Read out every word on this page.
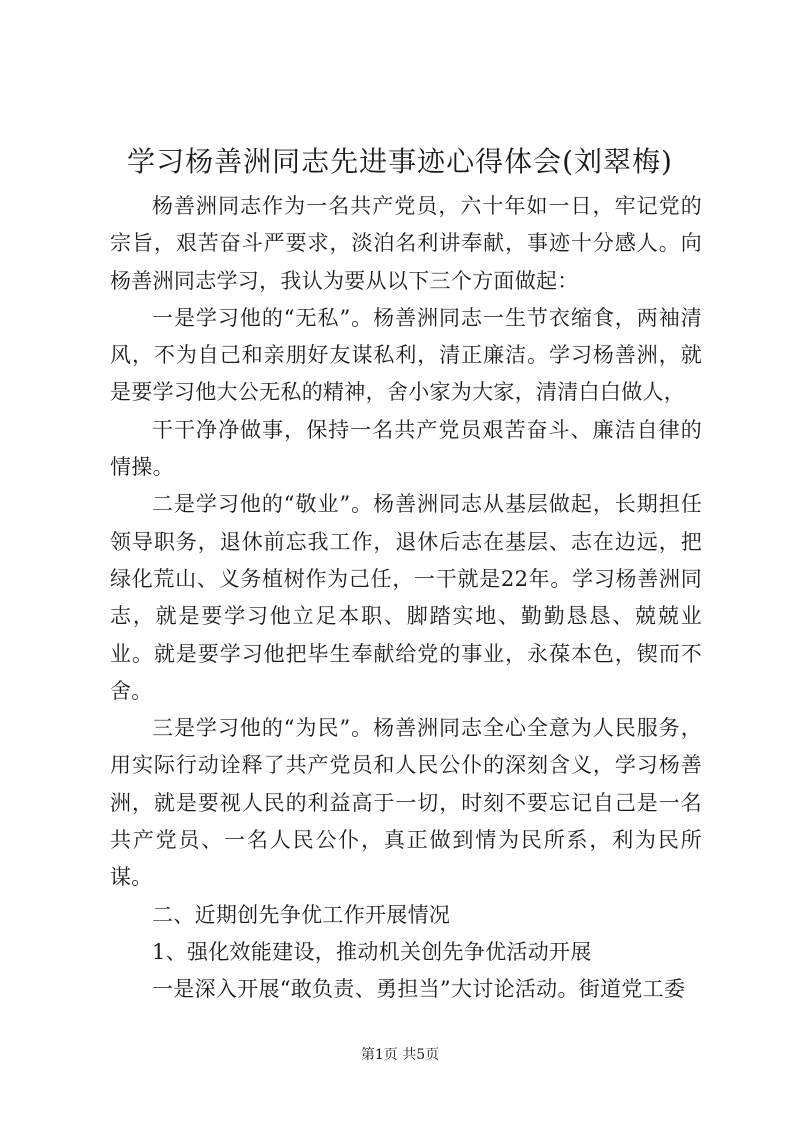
学习杨善洲同志先进事迹心得体会(刘翠梅)

杨善洲同志作为一名共产党员，六十年如一日，牢记党的宗旨，艰苦奋斗严要求，淡泊名利讲奉献，事迹十分感人。向杨善洲同志学习，我认为要从以下三个方面做起：

一是学习他的“无私”。杨善洲同志一生节衣缩食，两袖清风，不为自己和亲朋好友谋私利，清正廉洁。学习杨善洲，就是要学习他大公无私的精神，舍小家为大家，清清白白做人，

干干净净做事，保持一名共产党员艰苦奋斗、廉洁自律的情操。

二是学习他的“敬业”。杨善洲同志从基层做起，长期担任领导职务，退休前忘我工作，退休后志在基层、志在边远，把绿化荒山、义务植树作为己任，一干就是22年。学习杨善洲同志，就是要学习他立足本职、脚踏实地、勤勤恳恳、兢兢业业。就是要学习他把毕生奉献给党的事业，永葆本色，锲而不舍。

三是学习他的“为民”。杨善洲同志全心全意为人民服务，用实际行动诠释了共产党员和人民公仆的深刻含义，学习杨善洲，就是要视人民的利益高于一切，时刻不要忘记自己是一名共产党员、一名人民公仆，真正做到情为民所系，利为民所谋。

二、近期创先争优工作开展情况

1、强化效能建设，推动机关创先争优活动开展

一是深入开展“敢负责、勇担当”大讨论活动。街道党工委

第1页 共5页
